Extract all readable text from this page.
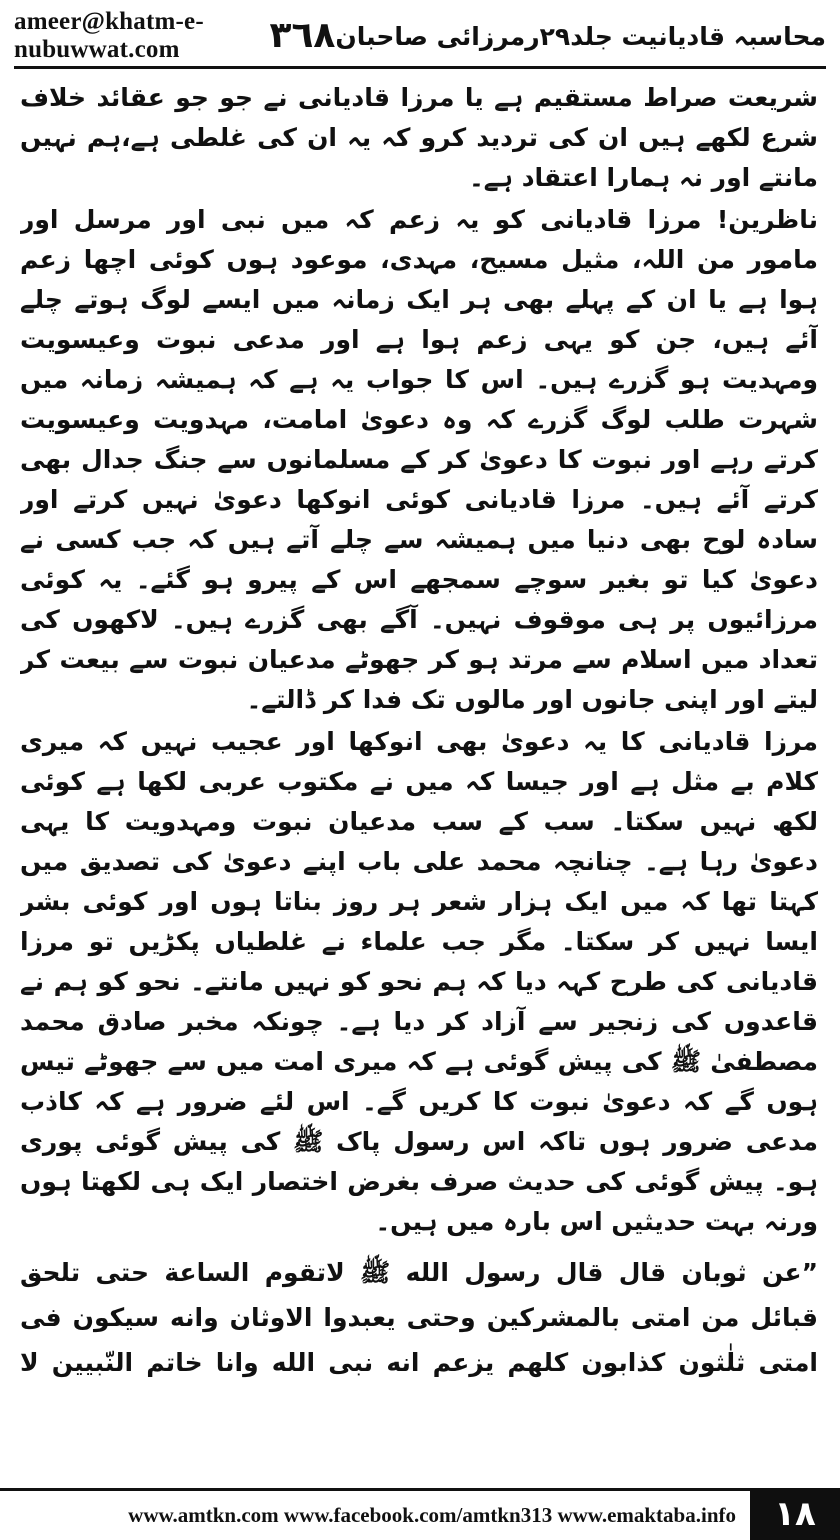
ameer@khatm-e-nubuwwat.com	٣٦٨ محاسبہ قادیانیت جلد۲۹رمرزائی صاحبان

شریعت صراط مستقیم ہے یا مرزا قادیانی نے جو جو عقائد خلاف شرع لکھے ہیں ان کی تردید کرو کہ یہ ان کی غلطی ہے،ہم نہیں مانتے اور نہ ہمارا اعتقاد ہے۔

ناظرین! مرزا قادیانی کو یہ زعم کہ میں نبی اور مرسل اور مامور من اللہ، مثیل مسیح، مہدی، موعود ہوں کوئی اچھا زعم ہوا ہے یا ان کے پہلے بھی ہر ایک زمانہ میں ایسے لوگ ہوتے چلے آئے ہیں، جن کو یہی زعم ہوا ہے اور مدعی نبوت وعیسویت ومہدیت ہو گزرے ہیں۔ اس کا جواب یہ ہے کہ ہمیشہ زمانہ میں شہرت طلب لوگ گزرے کہ وہ دعویٰ امامت، مہدویت وعیسویت کرتے رہے اور نبوت کا دعویٰ کر کے مسلمانوں سے جنگ جدال بھی کرتے آئے ہیں۔ مرزا قادیانی کوئی انوکھا دعویٰ نہیں کرتے اور سادہ لوح بھی دنیا میں ہمیشہ سے چلے آتے ہیں کہ جب کسی نے دعویٰ کیا تو بغیر سوچے سمجھے اس کے پیرو ہو گئے۔ یہ کوئی مرزائیوں پر ہی موقوف نہیں۔ آگے بھی گزرے ہیں۔ لاکھوں کی تعداد میں اسلام سے مرتد ہو کر جھوٹے مدعیان نبوت سے بیعت کر لیتے اور اپنی جانوں اور مالوں تک فدا کر ڈالتے۔

مرزا قادیانی کا یہ دعویٰ بھی انوکھا اور عجیب نہیں کہ میری کلام بے مثل ہے اور جیسا کہ میں نے مکتوب عربی لکھا ہے کوئی لکھ نہیں سکتا۔ سب کے سب مدعیان نبوت ومہدویت کا یہی دعویٰ رہا ہے۔ چنانچہ محمد علی باب اپنے دعویٰ کی تصدیق میں کہتا تھا کہ میں ایک ہزار شعر ہر روز بناتا ہوں اور کوئی بشر ایسا نہیں کر سکتا۔ مگر جب علماء نے غلطیاں پکڑیں تو مرزا قادیانی کی طرح کہہ دیا کہ ہم نحو کو نہیں مانتے۔ نحو کو ہم نے قاعدوں کی زنجیر سے آزاد کر دیا ہے۔ چونکہ مخبر صادق محمد مصطفیٰ ﷺ کی پیش گوئی ہے کہ میری امت میں سے جھوٹے تیس ہوں گے کہ دعویٰ نبوت کا کریں گے۔ اس لئے ضرور ہے کہ کاذب مدعی ضرور ہوں تاکہ اس رسول پاک ﷺ کی پیش گوئی پوری ہو۔ پیش گوئی کی حدیث صرف بغرض اختصار ایک ہی لکھتا ہوں ورنہ بہت حدیثیں اس بارہ میں ہیں۔

”عن ثوبان قال قال رسول الله ﷺ لاتقوم الساعة حتی تلحق قبائل من امتی بالمشرکین وحتی یعبدوا الاوثان وانه سیکون فی امتی ثلٰثون کذابون کلهم یزعم انه نبی الله وانا خاتم النّبیین لا

www.amtkn.com www.facebook.com/amtkn313 www.emaktaba.info	١٨
